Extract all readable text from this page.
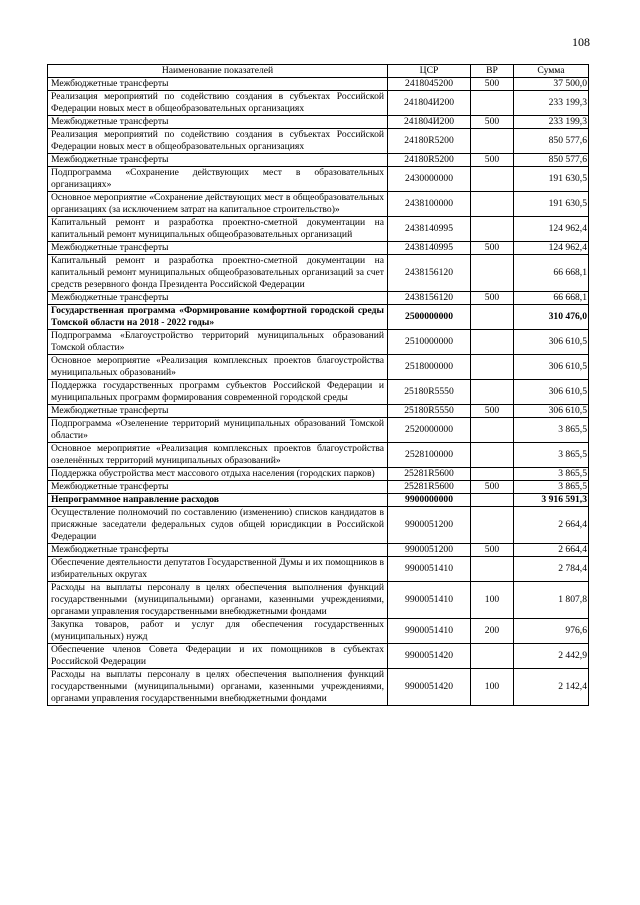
108
Наименование показателей	ЦСР	ВР	Сумма
Межбюджетные трансферты	2418045200	500	37 500,0
Реализация мероприятий по содействию создания в субъектах Российской Федерации новых мест в общеобразовательных организациях	241804И200		233 199,3
Межбюджетные трансферты	241804И200	500	233 199,3
Реализация мероприятий по содействию создания в субъектах Российской Федерации новых мест в общеобразовательных организациях	24180R5200		850 577,6
Межбюджетные трансферты	24180R5200	500	850 577,6
Подпрограмма «Сохранение действующих мест в образовательных организациях»	2430000000		191 630,5
Основное мероприятие «Сохранение действующих мест в общеобразовательных организациях (за исключением затрат на капитальное строительство)»	2438100000		191 630,5
Капитальный ремонт и разработка проектно-сметной документации на капитальный ремонт муниципальных общеобразовательных организаций	2438140995		124 962,4
Межбюджетные трансферты	2438140995	500	124 962,4
Капитальный ремонт и разработка проектно-сметной документации на капитальный ремонт муниципальных общеобразовательных организаций за счет средств резервного фонда Президента Российской Федерации	2438156120		66 668,1
Межбюджетные трансферты	2438156120	500	66 668,1
Государственная программа «Формирование комфортной городской среды Томской области на 2018 - 2022 годы»	2500000000		310 476,0
Подпрограмма «Благоустройство территорий муниципальных образований Томской области»	2510000000		306 610,5
Основное мероприятие «Реализация комплексных проектов благоустройства муниципальных образований»	2518000000		306 610,5
Поддержка государственных программ субъектов Российской Федерации и муниципальных программ формирования современной городской среды	25180R5550		306 610,5
Межбюджетные трансферты	25180R5550	500	306 610,5
Подпрограмма «Озеленение территорий муниципальных образований Томской области»	2520000000		3 865,5
Основное мероприятие «Реализация комплексных проектов благоустройства озеленённых территорий муниципальных образований»	2528100000		3 865,5
Поддержка обустройства мест массового отдыха населения (городских парков)	25281R5600		3 865,5
Межбюджетные трансферты	25281R5600	500	3 865,5
Непрограммное направление расходов	9900000000		3 916 591,3
Осуществление полномочий по составлению (изменению) списков кандидатов в присяжные заседатели федеральных судов общей юрисдикции в Российской Федерации	9900051200		2 664,4
Межбюджетные трансферты	9900051200	500	2 664,4
Обеспечение деятельности депутатов Государственной Думы и их помощников в избирательных округах	9900051410		2 784,4
Расходы на выплаты персоналу в целях обеспечения выполнения функций государственными (муниципальными) органами, казенными учреждениями, органами управления государственными внебюджетными фондами	9900051410	100	1 807,8
Закупка товаров, работ и услуг для обеспечения государственных (муниципальных) нужд	9900051410	200	976,6
Обеспечение членов Совета Федерации и их помощников в субъектах Российской Федерации	9900051420		2 442,9
Расходы на выплаты персоналу в целях обеспечения выполнения функций государственными (муниципальными) органами, казенными учреждениями, органами управления государственными внебюджетными фондами	9900051420	100	2 142,4
